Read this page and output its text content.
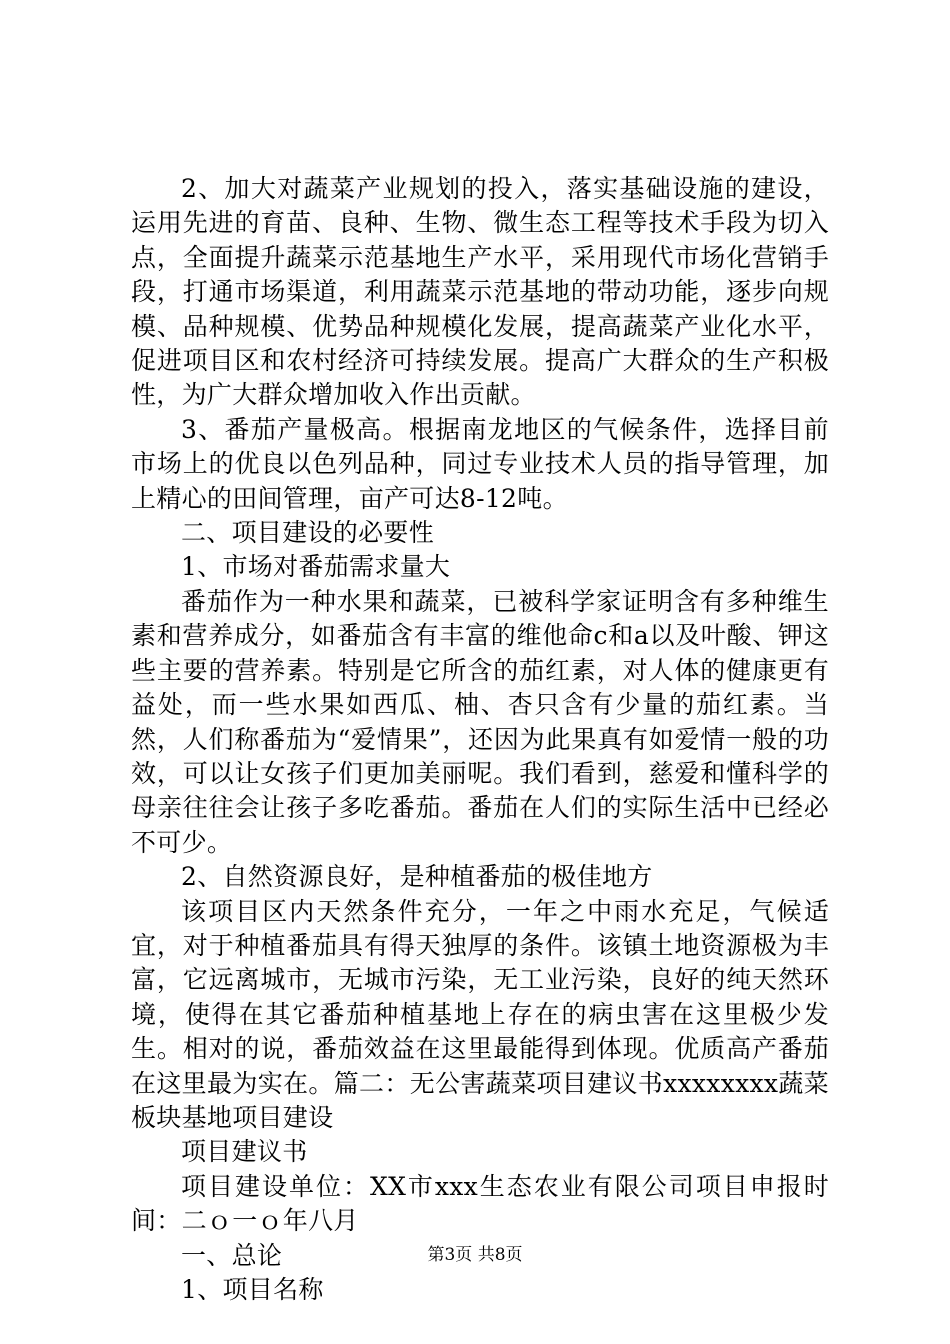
2、加大对蔬菜产业规划的投入，落实基础设施的建设，运用先进的育苗、良种、生物、微生态工程等技术手段为切入点，全面提升蔬菜示范基地生产水平，采用现代市场化营销手段，打通市场渠道，利用蔬菜示范基地的带动功能，逐步向规模、品种规模、优势品种规模化发展，提高蔬菜产业化水平，促进项目区和农村经济可持续发展。提高广大群众的生产积极性，为广大群众增加收入作出贡献。

3、番茄产量极高。根据南龙地区的气候条件，选择目前市场上的优良以色列品种，同过专业技术人员的指导管理，加上精心的田间管理，亩产可达8-12吨。

二、项目建设的必要性

1、市场对番茄需求量大

番茄作为一种水果和蔬菜，已被科学家证明含有多种维生素和营养成分，如番茄含有丰富的维他命c和a以及叶酸、钾这些主要的营养素。特别是它所含的茄红素，对人体的健康更有益处，而一些水果如西瓜、柚、杏只含有少量的茄红素。当然，人们称番茄为“爱情果”，还因为此果真有如爱情一般的功效，可以让女孩子们更加美丽呢。我们看到，慈爱和懂科学的母亲往往会让孩子多吃番茄。番茄在人们的实际生活中已经必不可少。

2、自然资源良好，是种植番茄的极佳地方

该项目区内天然条件充分，一年之中雨水充足，气候适宜，对于种植番茄具有得天独厚的条件。该镇土地资源极为丰富，它远离城市，无城市污染，无工业污染，良好的纯天然环境，使得在其它番茄种植基地上存在的病虫害在这里极少发生。相对的说，番茄效益在这里最能得到体现。优质高产番茄在这里最为实在。篇二：无公害蔬菜项目建议书xxxxxxxx蔬菜板块基地项目建设

项目建议书

项目建设单位：XX市xxx生态农业有限公司项目申报时间：二ｏ一ｏ年八月

一、总论

1、项目名称

第3页 共8页
